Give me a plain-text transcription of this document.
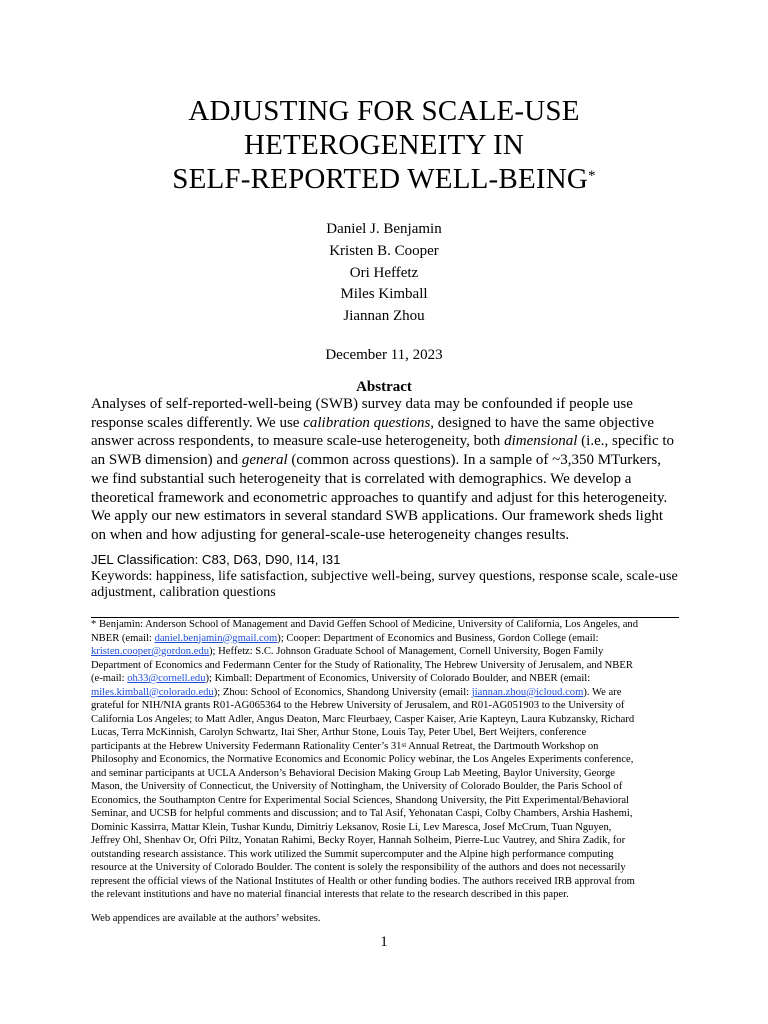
ADJUSTING FOR SCALE-USE
HETEROGENEITY IN
SELF-REPORTED WELL-BEING*
Daniel J. Benjamin
Kristen B. Cooper
Ori Heffetz
Miles Kimball
Jiannan Zhou
December 11, 2023
Abstract
Analyses of self-reported-well-being (SWB) survey data may be confounded if people use
response scales differently. We use calibration questions, designed to have the same objective
answer across respondents, to measure scale-use heterogeneity, both dimensional (i.e., specific to
an SWB dimension) and general (common across questions). In a sample of ~3,350 MTurkers,
we find substantial such heterogeneity that is correlated with demographics. We develop a
theoretical framework and econometric approaches to quantify and adjust for this heterogeneity.
We apply our new estimators in several standard SWB applications. Our framework sheds light
on when and how adjusting for general-scale-use heterogeneity changes results.
JEL Classification: C83, D63, D90, I14, I31
Keywords: happiness, life satisfaction, subjective well-being, survey questions, response scale, scale-use
adjustment, calibration questions
* Benjamin: Anderson School of Management and David Geffen School of Medicine, University of California, Los Angeles, and
NBER (email: daniel.benjamin@gmail.com); Cooper: Department of Economics and Business, Gordon College (email:
kristen.cooper@gordon.edu); Heffetz: S.C. Johnson Graduate School of Management, Cornell University, Bogen Family
Department of Economics and Federmann Center for the Study of Rationality, The Hebrew University of Jerusalem, and NBER
(e-mail: oh33@cornell.edu); Kimball: Department of Economics, University of Colorado Boulder, and NBER (email:
miles.kimball@colorado.edu); Zhou: School of Economics, Shandong University (email: jiannan.zhou@icloud.com). We are
grateful for NIH/NIA grants R01-AG065364 to the Hebrew University of Jerusalem, and R01-AG051903 to the University of
California Los Angeles; to Matt Adler, Angus Deaton, Marc Fleurbaey, Casper Kaiser, Arie Kapteyn, Laura Kubzansky, Richard
Lucas, Terra McKinnish, Carolyn Schwartz, Itai Sher, Arthur Stone, Louis Tay, Peter Ubel, Bert Weijters, conference
participants at the Hebrew University Federmann Rationality Center’s 31st Annual Retreat, the Dartmouth Workshop on
Philosophy and Economics, the Normative Economics and Economic Policy webinar, the Los Angeles Experiments conference,
and seminar participants at UCLA Anderson’s Behavioral Decision Making Group Lab Meeting, Baylor University, George
Mason, the University of Connecticut, the University of Nottingham, the University of Colorado Boulder, the Paris School of
Economics, the Southampton Centre for Experimental Social Sciences, Shandong University, the Pitt Experimental/Behavioral
Seminar, and UCSB for helpful comments and discussion; and to Tal Asif, Yehonatan Caspi, Colby Chambers, Arshia Hashemi,
Dominic Kassirra, Mattar Klein, Tushar Kundu, Dimitriy Leksanov, Rosie Li, Lev Maresca, Josef McCrum, Tuan Nguyen,
Jeffrey Ohl, Shenhav Or, Ofri Piltz, Yonatan Rahimi, Becky Royer, Hannah Solheim, Pierre-Luc Vautrey, and Shira Zadik, for
outstanding research assistance. This work utilized the Summit supercomputer and the Alpine high performance computing
resource at the University of Colorado Boulder. The content is solely the responsibility of the authors and does not necessarily
represent the official views of the National Institutes of Health or other funding bodies. The authors received IRB approval from
the relevant institutions and have no material financial interests that relate to the research described in this paper.
Web appendices are available at the authors’ websites.
1
